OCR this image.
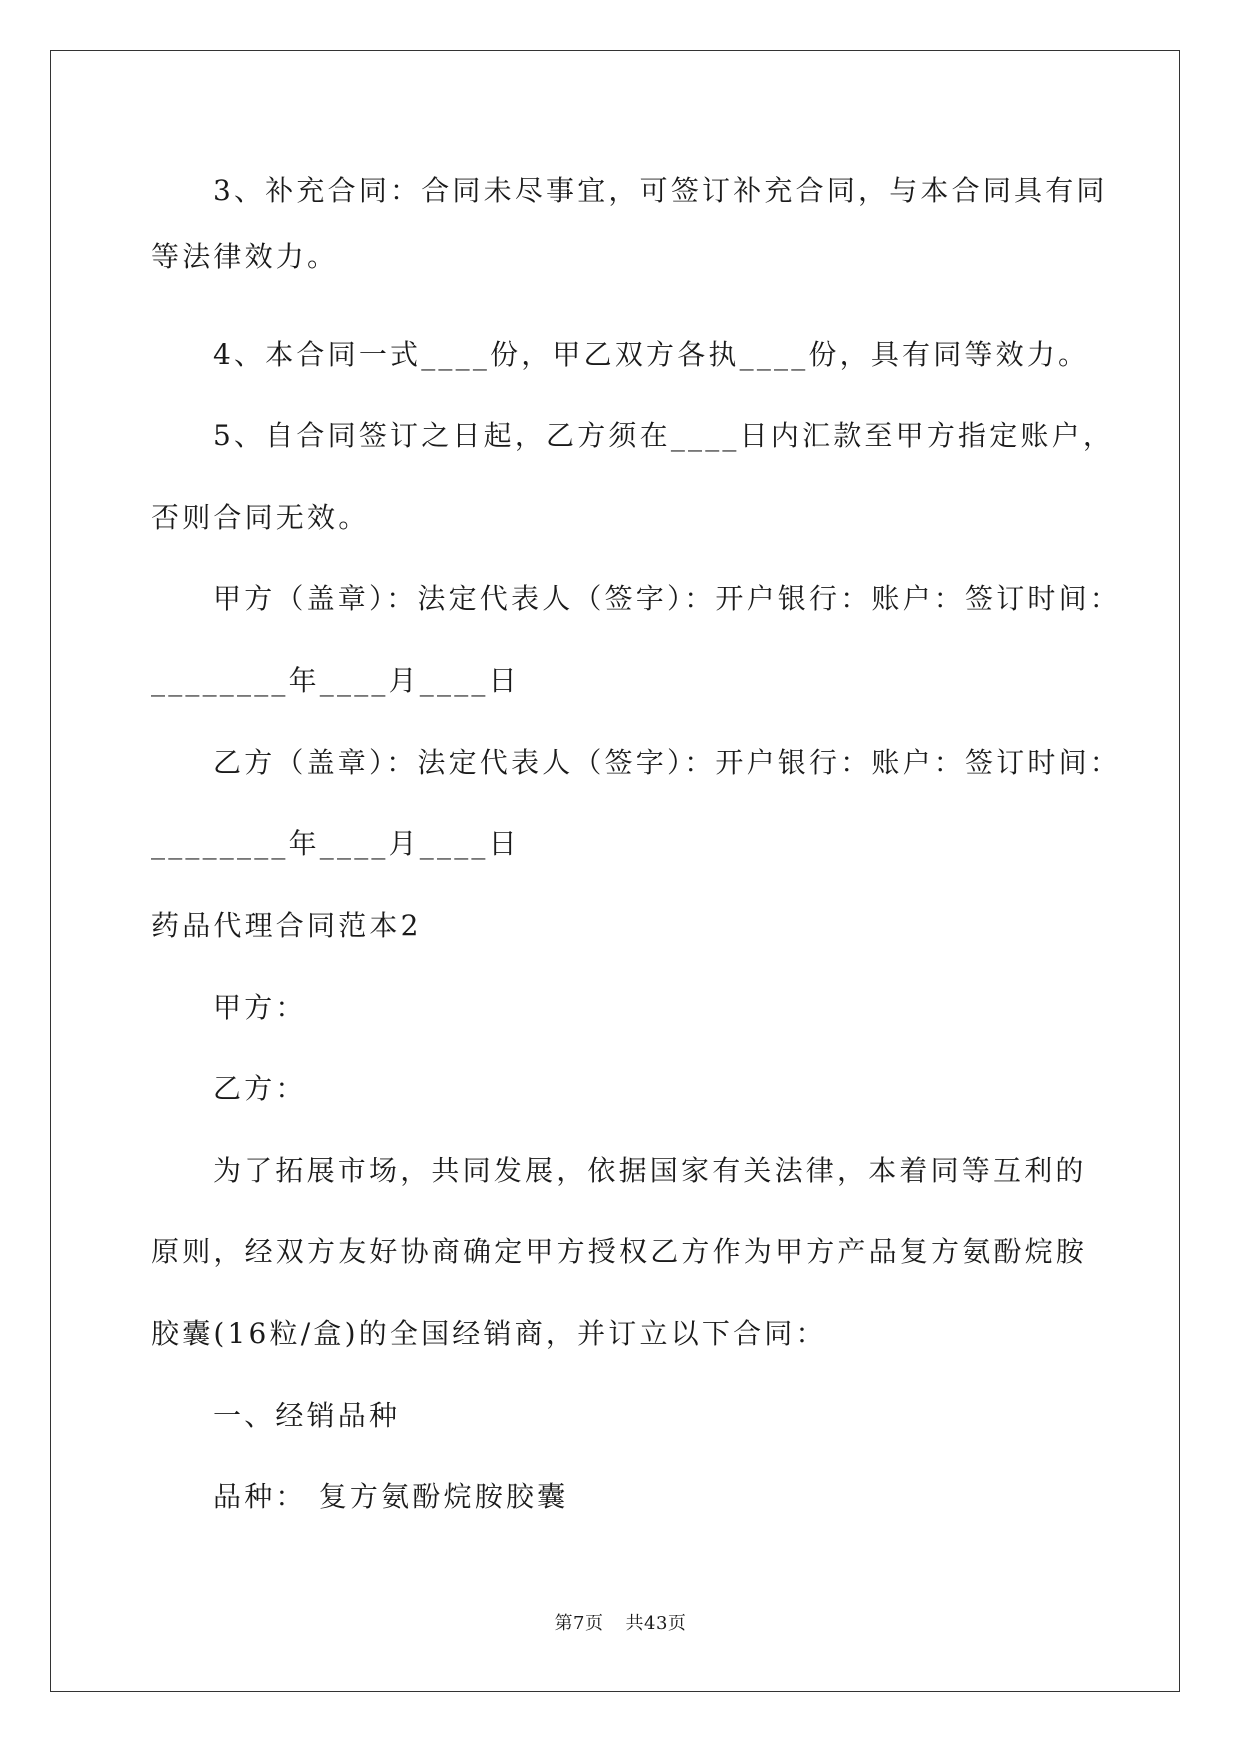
3、补充合同：合同未尽事宜，可签订补充合同，与本合同具有同
等法律效力。
4、本合同一式____份，甲乙双方各执____份，具有同等效力。
5、自合同签订之日起，乙方须在____日内汇款至甲方指定账户，
否则合同无效。
甲方（盖章）：法定代表人（签字）：开户银行：账户：签订时间：
________年____月____日
乙方（盖章）：法定代表人（签字）：开户银行：账户：签订时间：
________年____月____日
药品代理合同范本2
甲方：
乙方：
为了拓展市场，共同发展，依据国家有关法律，本着同等互利的
原则，经双方友好协商确定甲方授权乙方作为甲方产品复方氨酚烷胺
胶囊(16粒/盒)的全国经销商，并订立以下合同：
一、经销品种
品种： 复方氨酚烷胺胶囊
第7页 共43页
